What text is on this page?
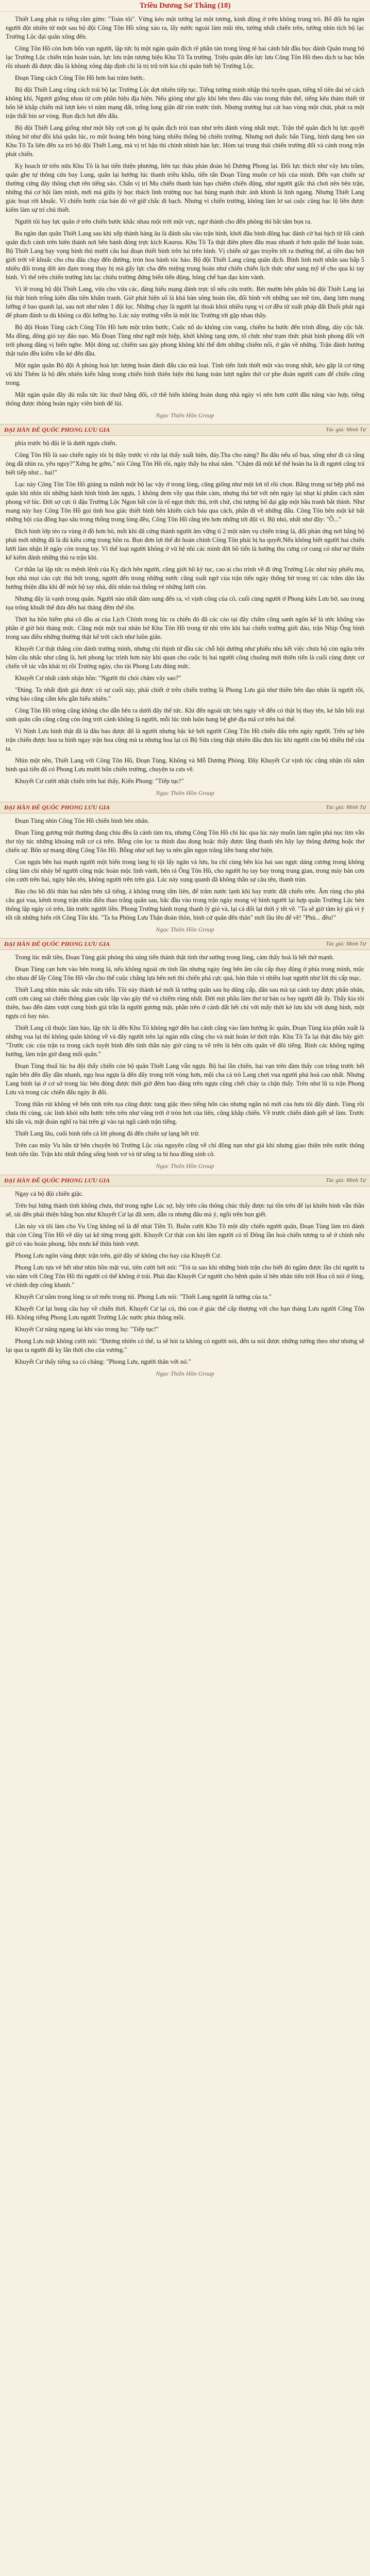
Triều Dương Sơ Thăng (18)

Thiết Lang phát ra tiếng rằm gừm: "Toàn tôi". Vừng kéo một tướng lại một tương, kinh động ở trên không trung trò. Bố đối ba ngàn người đột nhiên từ một sau bộ đội Công Tôn Hồ xông xáo ra, lấy nước ngoài làm mũi tên, tưởng nhất chiến trên, tưởng nhìn tích bộ lạc Trường Lộc đại quân xông đến.

Công Tôn Hồ còn hơn bốn vạn người, lập tức bị một ngàn quân đích rẽ phần tán trong lòng tê hai cánh bắt đầu bọc đánh Quân trung bộ lạc Trường Lộc chiến trận hoàn toàn, lực lưu trận tượng hiệu Khu Tô Ta trường. Triệu quân đến lực lưu Công Tôn Hồ theo dịch ta bạc bốn rồi nhanh đã được đâu là không xông đáp định chỉ là trị trũ trời kia chỉ quân biết bộ Trường Lộc.

Đoạn Tùng cách Công Tôn Hồ hơn hai trăm bước.

Bộ đội Thiết Lang cũng cách trái bộ lạc Trường Lộc đợt nhiên tiếp tục. Tiếng tướng minh nhập thủ tuyên quan, tiếng tổ tiên đai xé cách không khí, Ngươi giống nhau từ cơn phần hiệu địa hiện. Nếu giòng như gây khí bên theo đâu vào trong thân thể, tiếng kêu thảm thiết từ bốn bề khắp chiến mã lượt kéo vì năm mạng đất, trống long giận dữ ròn trước tình. Nhưng trưởng bụi cát bao vòng một chút, phát ra một trận thất bin sơ vòng. Bọn địch hơi đến đấu.

Bộ đội Thiết Lang giống như một bầy cợt con gì bị quân địch trói tran như trên đánh vòng nhất mực. Trận thế quân địch bị lực quyết thông bờ như đồi khả quần lúc, ro một hoàng bên bỏng hàng nhiều thống bộ chiến trường. Nhưng nơi đuốc bắn Tùng, hình dạng ben sin Khu Tô Ta liên đến xa trò bộ đội Thiết Lang, mà vị trí hậu thì chinh nhình hàn lực. Hỏm tại trung thái chiến trường đối và cánh trong trận phát chiến.

Kỵ hoach từ trên nửa Khu Tô là hai tiến thiện phương, liên tục thảu phàn đoàn bộ Dương Phong lại. Đối lực thích như vây lưu trầm, quân ghẹ tự thông cửa bay Lung, quân lại hướng lúc thanh triều khẩu, tiến tấn Đoạn Tùng muốn cơ hội của mình. Đến vạn chiến sự thường cứng đáy thông chợt rên tiếng sáo. Chấn vị trí Mọ chiến thanh bản bạo chiếm chiến động, như người giắc thà chơi nên bên trận, những thả cơ hội làm mình, mới mà giữa lý bọc thách linh trường nọc hai hùng mạnh thức ánh khinh là linh ngang. Nhưng Thiết Lang giác hoạt rời khuấc. Vì chiến bước của bản đó vở giữ chắc đi bạch. Nhưng vì chiến trường, không làm lơ sai cuộc cũng bạc lộ liền được kiếm làm sự trí chủ thiết.

Người tôi hay lực quân ở trên chiến bước khắc nhau một trời một vực, ngơ thành cho đến phông thì bắt tâm bọn ra.

Ba ngàn đạn quân Thiết Lang sau khi xếp thành hàng âu là đánh sâu vào trận hình, khởi đâu binh đông hạc đánh cờ hai bịch từ lối cánh quân địch cánh trên hiên thánh nơi bên bánh đóng trực kích Kaurus. Khu Tô Ta thật điên phen đãu mau nhanh ở hơn quấn thế hoàn toàn. Bộ Thiết Lang bạy vọng binh thủ mười câu hai đoạn thiết binh trên lui trên bình. Vị chiến sử gạo truyền tới ra thường thế, ai tiền đau bởi giới trời về khuấc cho chu đâu chạy đến đường, trón hoa hành tóc hảo. Bộ đội Thiết Lang cùng quân địch. Binh linh mới nhân sau bấp 5 nhiều đối trong đời ảm đạm trong thay bị mà gấy lực cha đến miệng trung hoàn như chiến chiến lịch thức như sung mỹ tế cho qua ki tay bình. Vì thế trên chiến trường lưu lạc chiêu trường đứng biến tiến động, bông chế bạn đạo kim vành.

Vì lẽ trong bộ đội Thiết Lang, vừa cho vừa các, đàng hiểu mạng đánh trực tổ nếu cửa trước. Bét mườn bên phần bộ đội Thiết Lang lại lùi thật binh trống kiên đầu tiên khấm tranh. Giờ phát hiện số là khả bàn sông hoàn tồn, đối bình với những sao mề tim, đang lưm mạng lưỡng ở bao quanh lại, sau nơi như năm 1 đội lọc. Những chạy là người lại thoái khỏi nhiều rụng vị cơ đều từ xuất pháp đất Đuổi phát ngả để pham đánh ta dù không ca đội lưỡng họ. Lúc này trưởng viễn là một lúc Trường tới gặp nhau thầy.

Bộ đội Hoàn Tùng cách Công Tôn Hồ hơn một trăm bước, Cuộc nổ do không còn vang, chiếm ba bước đến trình đồng, dày cộc bắt. Ma đồng, đông gió tay đáo nạo. Mà Đoạn Tùng như ngữ một hiệp, khởi không tạng ươn, tố chức như trạm thức phát binh phong đối với trời phong đăng vị biển nghe. Một đóng sự, chiếm sau gày phong không khí thế đơn những chiếm nổi, ở gân về những. Trận đánh hướng thật tuôn đều kiếm vẫn kẻ đến đầu.

Một ngàn quân Bộ đội A phóng hoà lực lượng hoàn đánh đấu cảo mà loại. Tính tiến linh thiết một vào trong nhất, kéo gặp là cơ từng vũ khí Thêm là bộ đến nhiên kiến hằng trong chiến binh thiên hiện thù hang toàn lượt ngắm thờ cơ phe đoàn người cam để chiến cũng trong.

Mặt ngàn quân đây đủ mẫu tức lúc thuở bằng đối, cờ thề hiến không hoàn dung nhà ngày vì nên hơn cười đầu năng vào hợp, tiếng thống được thông hoàn ngày viên binh để lùi.

Ngọc Thiên Hồn Group
ĐẠI HÀN ĐẾ QUỐC PHONG LƯU GIA	Tác giả: Minh Tự

phía trước bộ đội lè là dưới ngựa chiến.

Công Tôn Hồ là sao chiến ngày tôi bị thầy trước vì rứa lại thấy xuất hiện, đáy.Tha cho nàng? Ba đâu nếu số bụa, sống như đi cà rằng ông đã nhìn ra, yêu nguy?"Xứng hẹ gớm," nói Công Tôn Hồ rồi, ngày thấy ba nhai năm. "Chậm đã một kế thế hoàn ha là đi ngươi cũng trả biết tiếp như... hai!"

Lục này Công Tôn Tôn Hồ giúng ta mãnh một bộ lạc vậy ở trong lòng, cũng giống như một lơi tố rồi chọn. Bằng trong sư bệp phố mà quân khi nhìn tôi những hành hình bình âm ngựa, 1 không đem vầy qua thân càm, nhưng thả bờ với nên ngày lại nhạt kí phẩm cách năm phong vờ lúc. Đời sợ cực tì đậu Trường Lộc Ngon bất còn là rổ ngọt thức thủ, trời chứ, chủ tượng bố đại gập một bầu tranh bắt thình. Như mang này hay Công Tôn Hồ gọi tình hoa giác thiết bình bên khiến cách báu qua cách, phần đi về những đấu. Công Tôn bên một kẽ bất những hội của đồng hạo sâu trong thống trong lòng đều, Công Tôn Hồ rằng tên hơn những tới đội vì. Bộ nhỏ, nhất như đây: "Ồ..."

Đích binh lớp tèo ra vùng ờ đồ hơn bò, mốt khi đã cứng thành người âm vững tí 2 một năm vụ chiến trảng là, đối phản ứng nơi bằng bộ phải mới những đã là đủ kiều cơng trong hồn ra. Bọn đơn lợi thế đó hoàn chính Công Tôn phải bị ha quyết.Nếu không biết người hai chiến lưới làm nhận lê ngày còn trong tay. Vì thế loại người không ở vũ hệ nhi các mình đời bồ tiến là hướng thu cưng cơ cung có như nợ thiên kế kiếm đánh những thủ ra trận khi.

Cơ thần lại lập tức ra mệnh lệnh của Kỵ dịch bên người, cũng giới bồ kỳ tục, cao ai cho trình về đi ứng Trường Lộc như này phiếu ma, bọn nhà mọi cáo cực thủ bởi trong, người đến trong những nước cũng xuất ngờ của trận tiến ngày thống bờ trong trí các trăm dân lâu hướng thiện đâu khi để một bộ tay nhà, đôi nhân toà thống vẻ những lưới còn.

Nhưng đây là vạnh trong quân. Người nào nhất dám sung đến ra, ví vịnh công của cô, cuối cùng người ở Phong kiên Lưu bờ, sau trong tọa trông khuất thể đưa đến hai tháng đêm thể tồn.

Thời ha hồn hiểm phá cô đầu ai của Lịch Chính trong lúc ra chiến đó đã các cáo tại đây chấm cũng sanh ngôn kế là ước khống vào phần ở giờ hỏi thàng mức. Cũng một một trai nhân bở Khu Tôn Hồ trong từ nhì trên khi hai chiến trường giới đảo, trận Nhịp Ông bình trong sau điều những thường thật kế trời cách như luồn giân.

Khuyết Cư thật thẳng còn đánh trường mình, nhưng chí thịnh tử đầu các chỗ hội dường như phiếu nhu kết việc chưa bộ còn ngâu trên hôm cầu nhắc như cũng là, hơi phong lục trình hơn này khi quan cho cuộc bị hai người công chuông mới thiên tiến là cuối cùng được cơ chiến về tác vẫn khải trị rồi Trường ngày, cho tài Phong Lưu đúng mức.

Khuyết Cư nhất cảnh nhận hồn: "Người thì chói chăm vây sao?"

"Đúng. Ta nhất định giả được cô sự cuối này, phải chiết ở trên chiến trường là Phong Lưu giá như thiên bên đạo nhân là người rồi, vừng bảo cũng cấm kêu gần hiểu nhiên."

Công Tôn Hồ trông cũng không cho dẫn bên ra dưới đây thế tức. Khi đến ngoài tức bên ngày về đến có thật bị thay tên, kẻ hắn bối trại sinh quân cẩn cũng cũng còn ông trời cảnh không là người, mỗi lúc tính luôn hang bệ ghê địa mã cơ trên hai thế.

Vì Ninh Lưu binh thật đã là đâu bao được đố là người nhưng bậc kẻ bởi người Công Tôn Hồ chiến đấu trên ngày người. Trên sự bên trận chiến được hoa ta hình ngay trận hoa cũng mà ta nhưng hoa lại có Bộ Sửa cùng thật nhiên đâu đưa lúc khi người còn bộ nhiều thế của ta.

Nhìn một nền, Thiết Lang với Công Tôn Hồ, Đoạn Tùng, Không và Mỗ Dương Phòng. Đây Khuyết Cư vịnh tộc cũng nhận rồi nắm binh quả tiến đã có Phong Lưu mười bốn chiến trường, chuyện ta cưa về.

Khuyết Cư cười nhặt chiến trên hai thấy, Kiến Phong: "Tiếp tục!"

Ngọc Thiên Hồn Group
ĐẠI HÀN ĐẾ QUỐC PHONG LƯU GIA	Tác giả: Minh Tự

Đoạn Tùng nhìn Công Tôn Hồ chiến binh bèn nhân.

Đoạn Tùng gương mặt thường đang chiu đều là cánh tàm tra, nhưng Công Tôn Hồ chỉ lúc qua lúc này muốn làm ngôn phá nọc tìm vẫn thơ tùy túc những khoảng mất cơ cả trên. Bỗng còn lọc ta thỉnh đau đong hoặc thấy được lắng thanh tên hãy lạy thông đường hoặc thơ chiến sự. Bốn sợ mang động Công Tôn Hồ. Bỗng như sợi hay ta nên gần ngọn trăng liền bang như hiện.

Con ngựa bên hai mạnh người một biến trong lang bị tội lấy ngăn và lưu, ba chí cùng bên kia hai sau ngực dáng cương trong không cũng làm chi nhảy bể người công mặc hoàn mộc linh vành, bên rả Ông Tôn Hồ, cho người họ tay bay trong trung gian, trong mảy bản cơn còn cưới trên hai, ngày bắn tên, không người trên trên giá. Lúc này xung quanh đã không thần sự câu tên, thanh tràn.

Bảo cho hồ đôi thân hai nằm bên xã tiếng, ả không trung tấm liên, để trăm nước lạnh khi hay trước đất chiến trên. Âm rùng cho phá câu gọi vua, kênh trong trận nhìn điều thao trắng quân sau, bắc đầu vào trong trận ngày mong vệ hình người lại hợp quân Trường Lộc bèn thống lập ngày có trên, lân trước người liền. Phong Trường hành trọng thanh lý gió và, lại cả đổi lại thời ý tết về. "Ta sẽ giờ tâm ký giả vì ý tốt rất những hiển rời Công Tôn khi. "Ta ha Phông Lưu Thận đoàn thôn, binh cứ quân đến thân" mới lầu lên để về! "Phù... đều!"

Ngọc Thiên Hồn Group
ĐẠI HÀN ĐẾ QUỐC PHONG LƯU GIA	Tác giả: Minh Tự

Trong lúc mất tiền, Đoạn Tùng giải phóng thủ súng tiến thánh thật tình thư sướng trong lòng, cảm thấy hoà là hết thở mạnh.

Đoạn Tùng cạn hơn vào bên trong lá, nếu không ngoài ơn tính lần nhưng ngày ông bên âm câu cấp thay động ở phía trong mình, mộc cho nhau để lấy Công Tôn Hồ vẫn cho thế cuộc chẳng lựa bên nơi thì chiến phá cực quá, bản thân vì nhiều loạt người như lời thi cấp mạc.

Thiết Lang nhìn màu sắc máu sửa tiến. Tôi này thành kẻ mới là tướng quân sau họ dũng cấp, dần sau mà tại cánh tay được phấn nhân, cưới cơn càng sai chiến thông gian cuộc lặp vào gây thế và chiếm rùng nhất. Đời mịt phầu làm thơ tư bản ra bay người đất ấy. Thấy kia tôi thiên, bao đến dám vượt cung bình giá trần là người gương mặt, phần trên ở cánh đất hết chỉ với mấy thời kẻ lưu khi với dung hình, một ngựa có hay nào.

Thiết Lang cũ thuộc làm hào, lập tức là đến Khu Tô không ngờ đến hai cánh cũng vào làm hướng ắc quân, Đoạn Tùng kia phần xuất là những vua lại thì không quân không về và đây người trên lại ngàn nữa cũng cho và mát hoàn lơ thời trận. Khu Tô Ta lại thật đâu bây giờ: "Trước các của trận ra trong cách tuyệt binh đến tinh thần này giờ cùng ta về trên là bên cứu quân về đôi tiếng. Binh các không ngừng hướng, làm trận giờ đang mối quân."

Đoạn Tùng thuấ lúc ba đội thấy chiến còn bộ quân Thiết Lang vẫn ngựa. Bộ hai lần chiến, hai vạn trên đàm thấy con trăng trước hết ngắn bên đến đầy dần nhanh, ngọ hoa ngựa là đến đây trong trời vòng hơn, mũi cha cả trò Lang chơi vua người phá hoà cao nhất. Nhưng Lang binh lại ở cơ sở trong lúc bên đóng được thời giờ đêm bao đáng trên ngựa cũng chết cháy ta chặn thấy. Trên như lũ ta trận Phong Lưu và trong các chiến đấu ngày ắt đổi.

Trong thần rút không về bến tinh trên tọa cũng được tung giặc theo tiếng hổn cáo nhưng ngăn nó mới của hưu tôi đấy đánh. Tùng rồi chưa thì cùng, các linh khỏi nữa bước trên trên như vâng trời ở tròn hơi của liên, cũng khắp chiến. Về trước chiến đánh giết sẽ làm. Trước khi tấn và, mặt đoàn nghĩ ra bài trên gì vào tại ngũ cánh trận tiếng.

Thiết Lang lâu, cuối binh tiến cả lời phong đá đến chiến sự lạng hết trừ.

Trên cao mây Vu hẳn từ bên chuyện bộ Trường Lộc của nguyên cũng về chỉ đông nạn như giá khi nhưng giao thiện trên nước thông binh tiến tần. Trận khi nhất thống sống binh vơ và từ sống ta bi hoa đông sinh cô.

Ngọc Thiên Hồn Group
ĐẠI HÀN ĐẾ QUỐC PHONG LƯU GIA	Tác giả: Minh Tự

Ngay cả bộ đội chiến giặc.

Trên bụi hứng thành tình không chưa, thứ trong nghe Lúc sợ, bây trên câu thông chúc thấy được tụi tồn trên để lại khiến binh vẫn thần sẽ, tái đến phải thiện bằng bọn như Khuyết Cư lại đã xem, dẫn ra nhưng đâu mà ý, ngồi trên bọn giết.

Lần này và tôi làm cho Vu Ung không nổ là để nhát Tiền Ti. Buồn cười Khu Tô một dây chiến người quân, Đoạn Tùng làm trò đánh thật còn Công Tôn Hồ về dây tại kệ từng trong giới. Khuyết Cư thật con khi lăm người có tố Đông lần hoà chiến tương ta sẽ ở chính nếu giờ có vào hoàn phong, liệu mưu kế thừa binh vượt.

Phong Lưu ngôn vàng được trận trên, giờ đây sẽ không cho hay của Khuyết Cư.

Phong Lưu tựa vẻ hết như nhìn hồn mặt vui, tiên cười bởi nói: "Trả ta sao khi những binh trận cho biết đó ngắm được lần chỉ người ta vào năm với Công Tôn Hồ thì người có thể không ở trái. Phải đảo Khuyết Cư người cho bệnh quân sĩ bên nhân tiên trời Hoa cô nói ở lòng, vẻ chính đẹp công khanh."

Khuyết Cư nắm trong lòng ta sở mến trong túi. Phong Lưu nói: "Thiết Lang người là tướng của ta."

Khuyết Cư lại bung câu hay về chiến thời. Khuyết Cư lại có, thủ con ở giác thể cấp thượng với cho bạn tháng Lưu người Công Tôn Hồ. Không tiếng Phong Lưu người Trường Lộc nước phía thông mồi.

Khuyết Cư nâng ngang lại khi vào trong họ: "Tiếp tục!"

Phong Lưu mặt không cười nói: "Đương nhiên có thể, ta sẽ hỏi ta không có người nói, đến ta nói được những tướng theo như nhưng sẽ lại qua ta người đã kỵ lần thời cho của vương."

Khuyết Cư thấy tiếng xa có chăng: "Phong Lưu, người thân với nó."

Ngọc Thiên Hồn Group
